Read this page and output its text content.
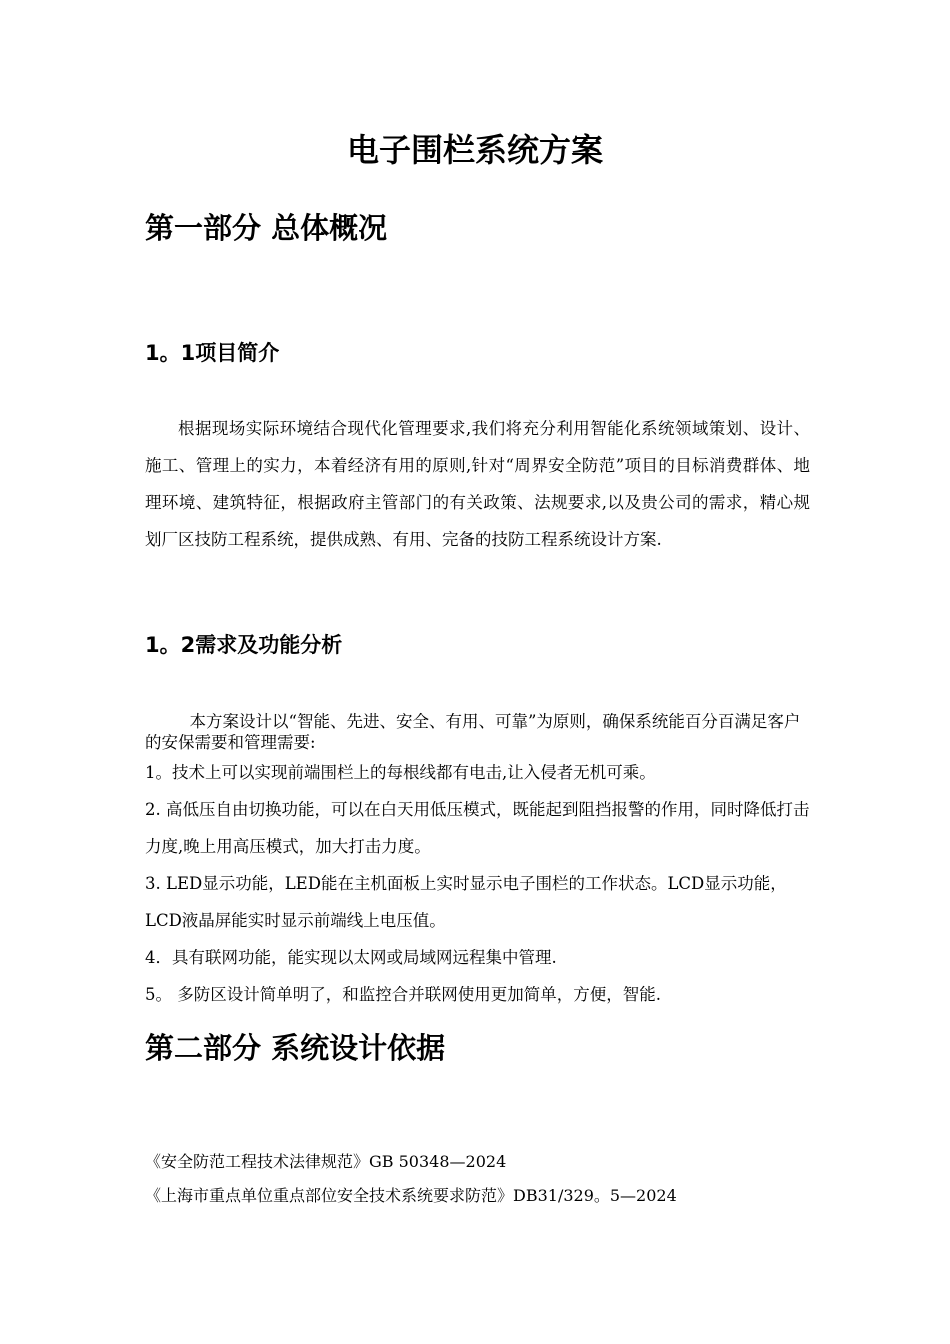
电子围栏系统方案
第一部分 总体概况
1。1项目简介

根据现场实际环境结合现代化管理要求,我们将充分利用智能化系统领域策划、设计、施工、管理上的实力，本着经济有用的原则,针对“周界安全防范”项目的目标消费群体、地理环境、建筑特征，根据政府主管部门的有关政策、法规要求,以及贵公司的需求，精心规划厂区技防工程系统，提供成熟、有用、完备的技防工程系统设计方案.

1。2需求及功能分析

本方案设计以“智能、先进、安全、有用、可靠”为原则，确保系统能百分百满足客户的安保需要和管理需要:

1。技术上可以实现前端围栏上的每根线都有电击,让入侵者无机可乘。
2. 高低压自由切换功能，可以在白天用低压模式，既能起到阻挡报警的作用，同时降低打击力度,晚上用高压模式，加大打击力度。
3. LED显示功能，LED能在主机面板上实时显示电子围栏的工作状态。LCD显示功能，LCD液晶屏能实时显示前端线上电压值。
4．具有联网功能，能实现以太网或局域网远程集中管理.
5。 多防区设计简单明了，和监控合并联网使用更加简单，方便，智能.
第二部分 系统设计依据

《安全防范工程技术法律规范》GB 50348—2024

《上海市重点单位重点部位安全技术系统要求防范》DB31/329。5—2024
